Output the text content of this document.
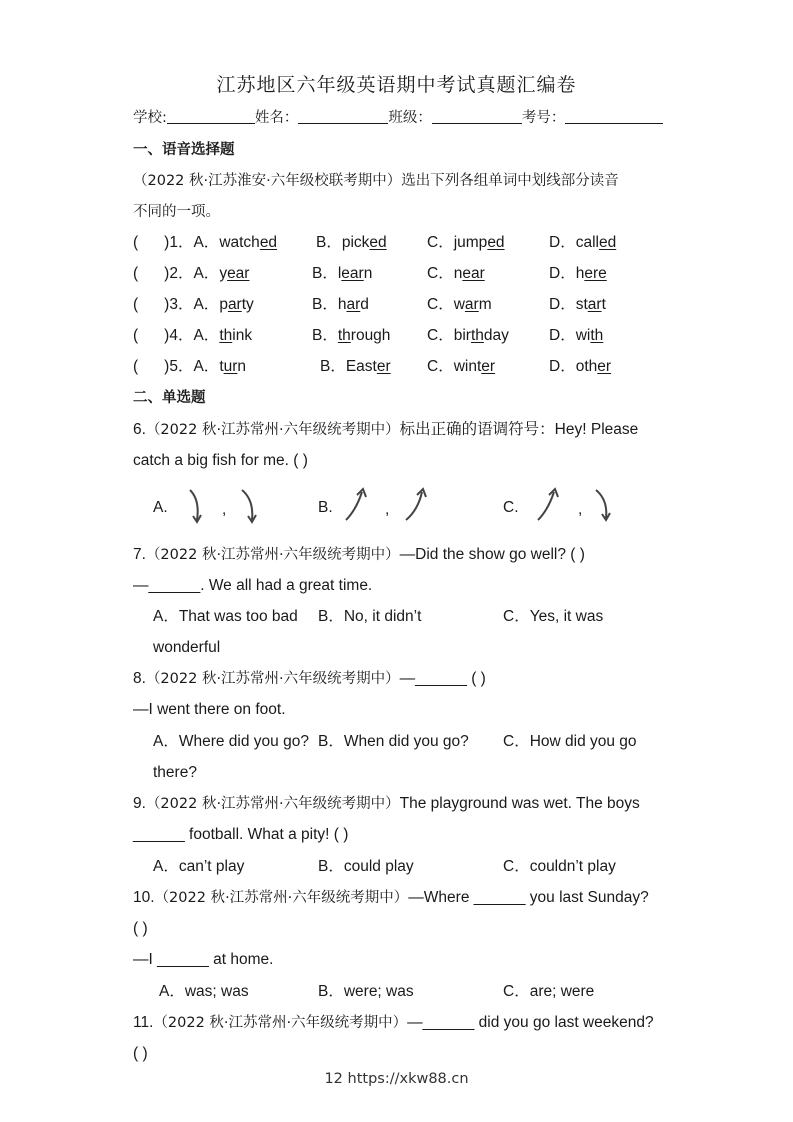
江苏地区六年级英语期中考试真题汇编卷
学校:	姓名：	班级：	考号：
一、语音选择题
（2022 秋·江苏淮安·六年级校联考期中）选出下列各组单词中划线部分读音
不同的一项。
( )1．A．watched	B．picked	C．jumped	D．called
( )2．A．year	B．learn	C．near	D．here
( )3．A．party	B．hard	C．warm	D．start
( )4．A．think	B．through C．birthday	D．with
( )5．A．turn	B．Easter C．winter	D．other
二、单选题
6.（2022 秋·江苏常州·六年级统考期中）标出正确的语调符号：Hey! Please
catch a big fish for me. ( )
A.	,	B.	,	C.	,
7.（2022 秋·江苏常州·六年级统考期中）—Did the show go well? ( )
—______. We all had a great time.
A．That was too bad B．No, it didn’t	C．Yes, it was
wonderful
8.（2022 秋·江苏常州·六年级统考期中）—______ ( )
—I went there on foot.
A．Where did you go? B．When did you go? C．How did you go
there?
9.（2022 秋·江苏常州·六年级统考期中）The playground was wet. The boys
______ football. What a pity! ( )
A．can’t play	B．could play	C．couldn’t play
10.（2022 秋·江苏常州·六年级统考期中）—Where ______ you last Sunday?
( )
—I ______ at home.
A．was; was	B．were; was	C．are; were
11.（2022 秋·江苏常州·六年级统考期中）—______ did you go last weekend?
( )
12 https://xkw88.cn
